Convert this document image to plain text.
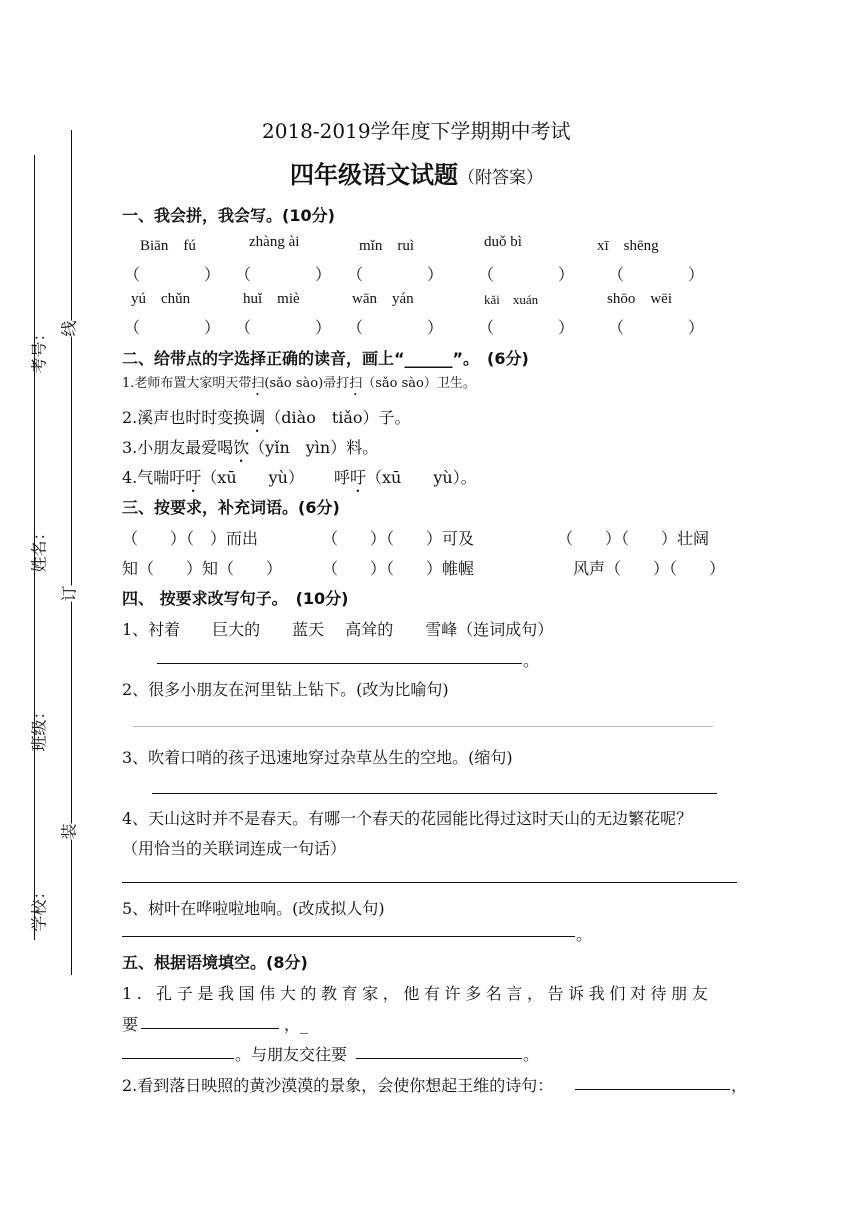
考号：
姓名：
班级：
学校：
线
订
装
2018-2019学年度下学期期中考试
四年级语文试题（附答案）
一、我会拼，我会写。(10分)
Biān　fú	zhàng ài	mǐn　ruì	duǒ bì	xī　shēng
（　　　　） （　　　　） （　　　　） （　　　　） （　　　　）
yú　chǔn	huǐ　miè	wān　yán	kǎi　xuán	shōo　wēi
（　　　　） （　　　　） （　　　　） （　　　　） （　　　　）
二、给带点的字选择正确的读音，画上“______”。　(6分)
1.老师布置大家明天带扫(sǎo sào)帚打扫（sǎo sào）卫生。
2.溪声也时时变换调（diào　tiǎo）子。
3.小朋友最爱喝饮（yǐn　yìn）料。
4.气喘吁吁（xū　　yù） 呼吁（xū　　yù）。
三、按要求，补充词语。(6分)
（　　）（　）而出	（　　）（　　）可及	（　　）（　　）壮阔
知（　　）知（　　） （　　）（　　）帷幄	风声（　　）（　　）
四、 按要求改写句子。　(10分)
1、衬着　　巨大的　　蓝天　 高耸的　　雪峰（连词成句）
。
2、很多小朋友在河里钻上钻下。(改为比喻句)
3、吹着口哨的孩子迅速地穿过杂草丛生的空地。(缩句)
4、天山这时并不是春天。有哪一个春天的花园能比得过这时天山的无边繁花呢？
（用恰当的关联词连成一句话）
5、树叶在哗啦啦地响。(改成拟人句)
。
五、根据语境填空。(8分)
1. 孔子是我国伟大的教育家，他有许多名言，告诉我们对待朋友
要	，_
。与朋友交往要	。
2.看到落日映照的黄沙漠漠的景象，会使你想起王维的诗句：	，
